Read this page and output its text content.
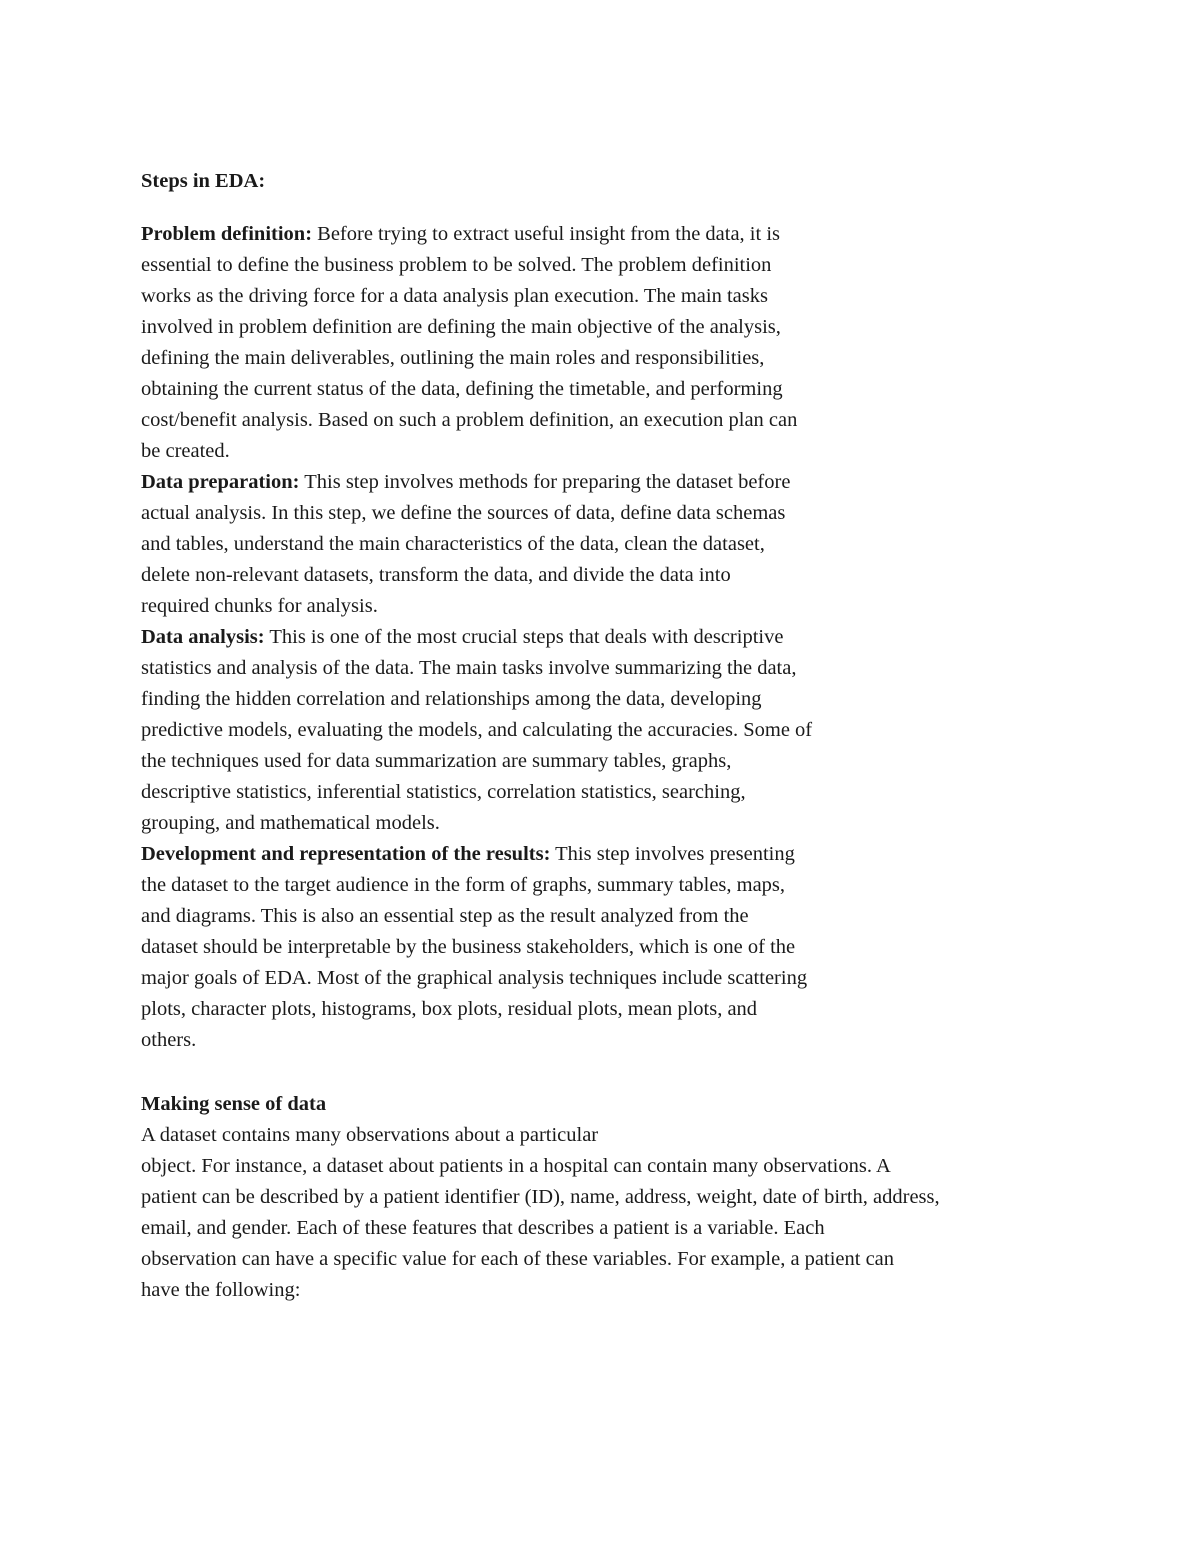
Steps in EDA:
Problem definition: Before trying to extract useful insight from the data, it is
essential to define the business problem to be solved. The problem definition
works as the driving force for a data analysis plan execution. The main tasks
involved in problem definition are defining the main objective of the analysis,
defining the main deliverables, outlining the main roles and responsibilities,
obtaining the current status of the data, defining the timetable, and performing
cost/benefit analysis. Based on such a problem definition, an execution plan can
be created.
Data preparation: This step involves methods for preparing the dataset before
actual analysis. In this step, we define the sources of data, define data schemas
and tables, understand the main characteristics of the data, clean the dataset,
delete non-relevant datasets, transform the data, and divide the data into
required chunks for analysis.
Data analysis: This is one of the most crucial steps that deals with descriptive
statistics and analysis of the data. The main tasks involve summarizing the data,
finding the hidden correlation and relationships among the data, developing
predictive models, evaluating the models, and calculating the accuracies. Some of
the techniques used for data summarization are summary tables, graphs,
descriptive statistics, inferential statistics, correlation statistics, searching,
grouping, and mathematical models.
Development and representation of the results: This step involves presenting
the dataset to the target audience in the form of graphs, summary tables, maps,
and diagrams. This is also an essential step as the result analyzed from the
dataset should be interpretable by the business stakeholders, which is one of the
major goals of EDA. Most of the graphical analysis techniques include scattering
plots, character plots, histograms, box plots, residual plots, mean plots, and
others.
Making sense of data
A dataset contains many observations about a particular
object. For instance, a dataset about patients in a hospital can contain many observations. A
patient can be described by a patient identifier (ID), name, address, weight, date of birth, address,
email, and gender. Each of these features that describes a patient is a variable. Each
observation can have a specific value for each of these variables. For example, a patient can
have the following:
